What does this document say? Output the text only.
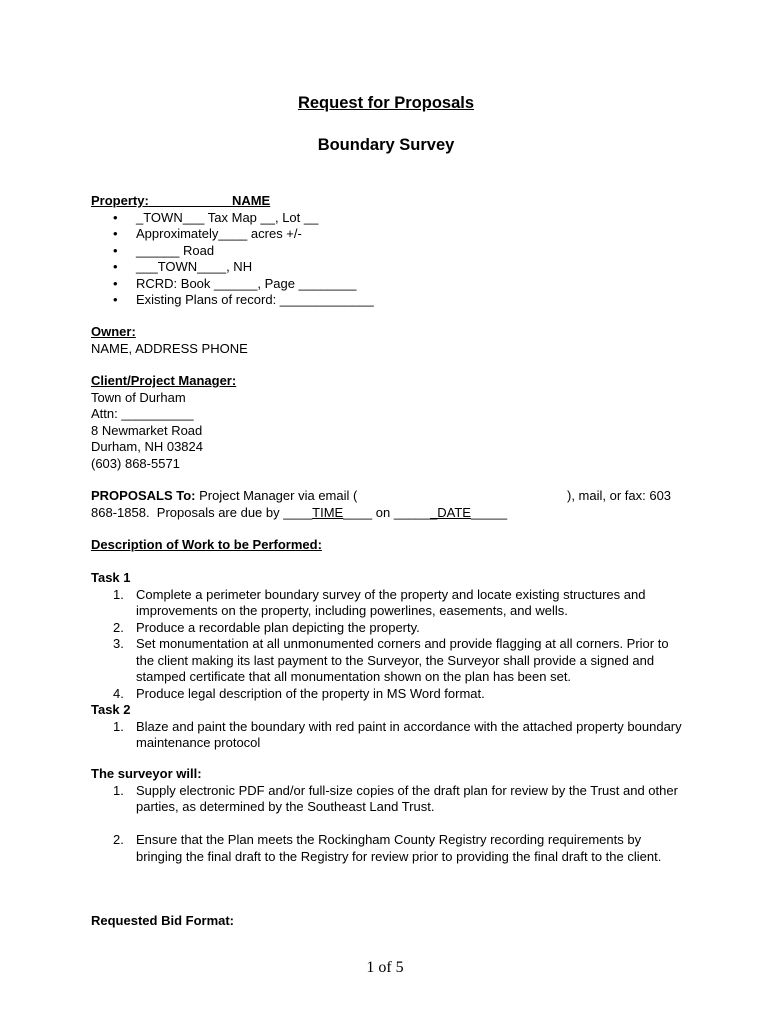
Request for Proposals
Boundary Survey
Property: __________NAME
• _TOWN___ Tax Map __, Lot __
• Approximately____ acres +/-
• ______ Road
• ___TOWN____, NH
• RCRD: Book ______, Page ________
• Existing Plans of record: _____________
Owner:
NAME, ADDRESS PHONE
Client/Project Manager:
Town of Durham
Attn: __________
8 Newmarket Road
Durham, NH 03824
(603) 868-5571
PROPOSALS To: Project Manager via email (	), mail, or fax: 603
868-1858.  Proposals are due by ____TIME____ on ______DATE_____
Description of Work to be Performed:
Task 1
1. Complete a perimeter boundary survey of the property and locate existing structures and improvements on the property, including powerlines, easements, and wells.
2. Produce a recordable plan depicting the property.
3. Set monumentation at all unmonumented corners and provide flagging at all corners. Prior to the client making its last payment to the Surveyor, the Surveyor shall provide a signed and stamped certificate that all monumentation shown on the plan has been set.
4. Produce legal description of the property in MS Word format.
Task 2
1. Blaze and paint the boundary with red paint in accordance with the attached property boundary maintenance protocol
The surveyor will:
1. Supply electronic PDF and/or full-size copies of the draft plan for review by the Trust and other parties, as determined by the Southeast Land Trust.
2. Ensure that the Plan meets the Rockingham County Registry recording requirements by bringing the final draft to the Registry for review prior to providing the final draft to the client.
Requested Bid Format:
1 of 5
